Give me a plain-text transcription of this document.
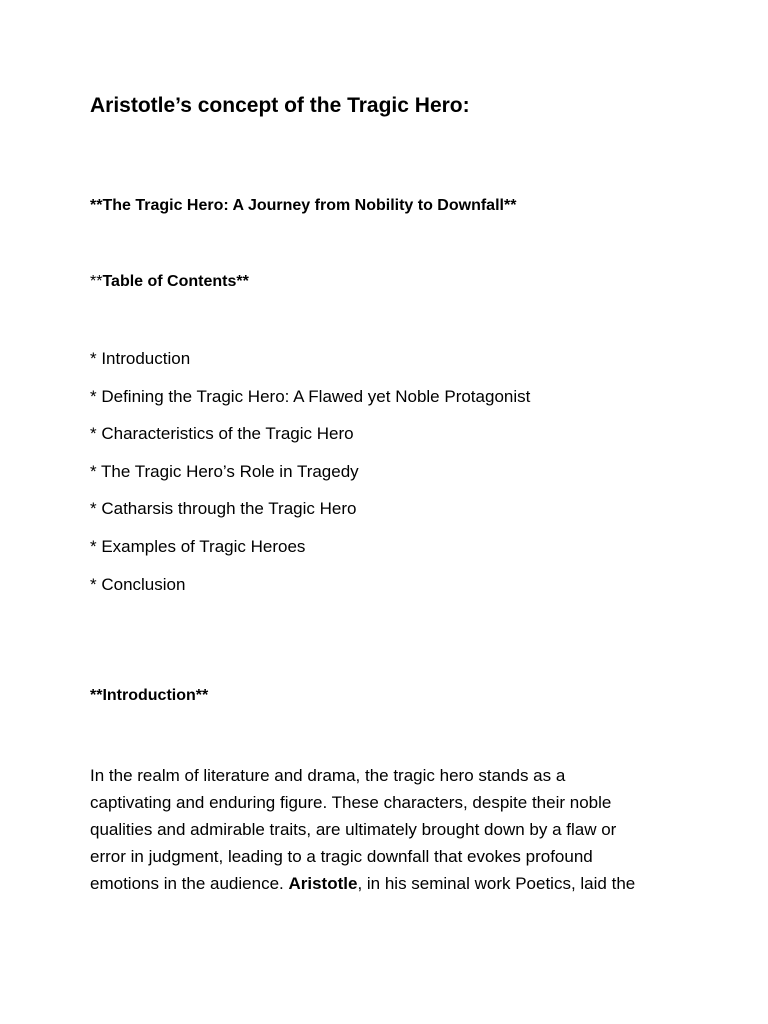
Aristotle’s concept of the Tragic Hero:

**The Tragic Hero: A Journey from Nobility to Downfall**

**Table of Contents**

* Introduction
* Defining the Tragic Hero: A Flawed yet Noble Protagonist
* Characteristics of the Tragic Hero
* The Tragic Hero’s Role in Tragedy
* Catharsis through the Tragic Hero
* Examples of Tragic Heroes
* Conclusion

**Introduction**

In the realm of literature and drama, the tragic hero stands as a
captivating and enduring figure. These characters, despite their noble
qualities and admirable traits, are ultimately brought down by a flaw or
error in judgment, leading to a tragic downfall that evokes profound
emotions in the audience. Aristotle, in his seminal work Poetics, laid the
